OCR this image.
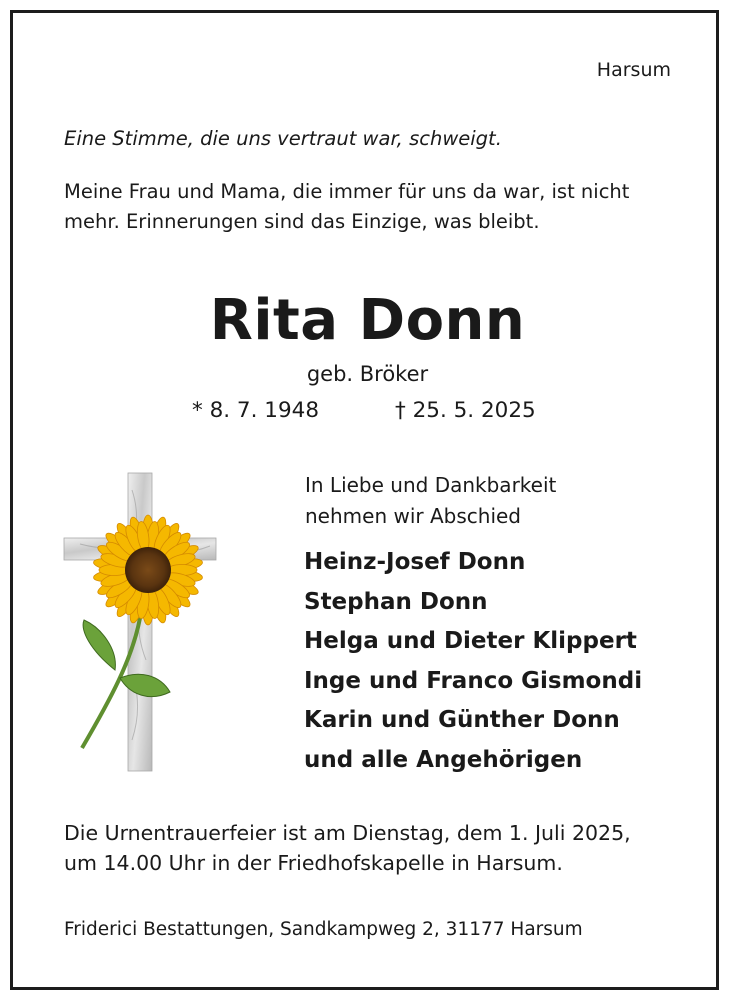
Harsum
Eine Stimme, die uns vertraut war, schweigt.
Meine Frau und Mama, die immer für uns da war, ist nicht
mehr. Erinnerungen sind das Einzige, was bleibt.
Rita Donn
geb. Bröker
* 8. 7. 1948	† 25. 5. 2025
In Liebe und Dankbarkeit
nehmen wir Abschied
Heinz-Josef Donn
Stephan Donn
Helga und Dieter Klippert
Inge und Franco Gismondi
Karin und Günther Donn
und alle Angehörigen
Die Urnentrauerfeier ist am Dienstag, dem 1. Juli 2025,
um 14.00 Uhr in der Friedhofskapelle in Harsum.
Friderici Bestattungen, Sandkampweg 2, 31177 Harsum
